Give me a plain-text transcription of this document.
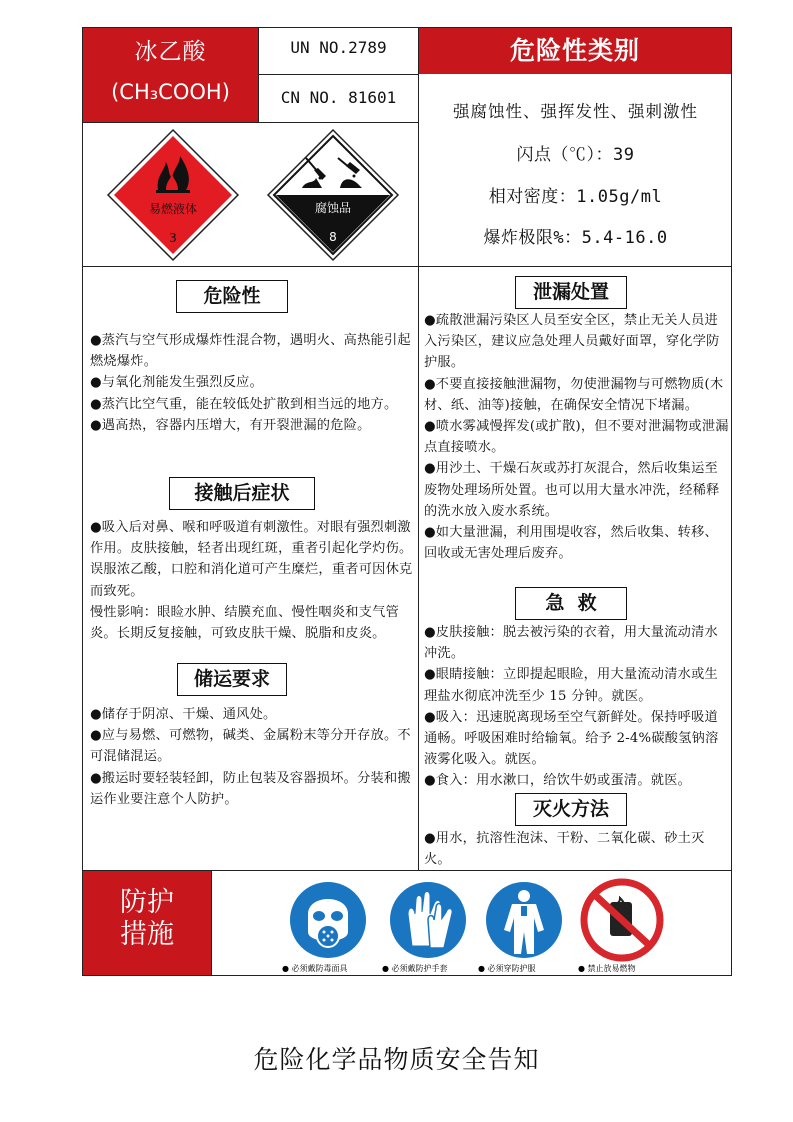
冰乙酸
(CH₃COOH)
UN NO.2789
CN NO. 81601
危险性类别
强腐蚀性、强挥发性、强刺激性
闪点（℃）：39
相对密度：1.05g/ml
爆炸极限%：5.4-16.0
易燃液体
3
腐蚀品
8
危险性

●蒸汽与空气形成爆炸性混合物，遇明火、高热能引起燃烧爆炸。
●与氧化剂能发生强烈反应。
●蒸汽比空气重，能在较低处扩散到相当远的地方。
●遇高热，容器内压增大，有开裂泄漏的危险。

接触后症状

●吸入后对鼻、喉和呼吸道有刺激性。对眼有强烈刺激作用。皮肤接触，轻者出现红斑，重者引起化学灼伤。误服浓乙酸，口腔和消化道可产生糜烂，重者可因休克而致死。
慢性影响：眼睑水肿、结膜充血、慢性咽炎和支气管炎。长期反复接触，可致皮肤干燥、脱脂和皮炎。

储运要求

●储存于阴凉、干燥、通风处。
●应与易燃、可燃物，碱类、金属粉末等分开存放。不可混储混运。
●搬运时要轻装轻卸，防止包装及容器损坏。分装和搬运作业要注意个人防护。

泄漏处置

●疏散泄漏污染区人员至安全区，禁止无关人员进入污染区，建议应急处理人员戴好面罩，穿化学防护服。
●不要直接接触泄漏物，勿使泄漏物与可燃物质(木材、纸、油等)接触，在确保安全情况下堵漏。
●喷水雾减慢挥发(或扩散)，但不要对泄漏物或泄漏点直接喷水。
●用沙土、干燥石灰或苏打灰混合，然后收集运至废物处理场所处置。也可以用大量水冲洗，经稀释的洗水放入废水系统。
●如大量泄漏，利用围堤收容，然后收集、转移、回收或无害处理后废弃。

急  救

●皮肤接触：脱去被污染的衣着，用大量流动清水冲洗。
●眼睛接触：立即提起眼睑，用大量流动清水或生理盐水彻底冲洗至少 15 分钟。就医。
●吸入：迅速脱离现场至空气新鲜处。保持呼吸道通畅。呼吸困难时给输氧。给予 2-4%碳酸氢钠溶液雾化吸入。就医。
●食入：用水漱口，给饮牛奶或蛋清。就医。

灭火方法

●用水，抗溶性泡沫、干粉、二氧化碳、砂土灭火。

防护
措施
● 必须戴防毒面具	● 必须戴防护手套	● 必须穿防护服	● 禁止放易燃物
危险化学品物质安全告知
